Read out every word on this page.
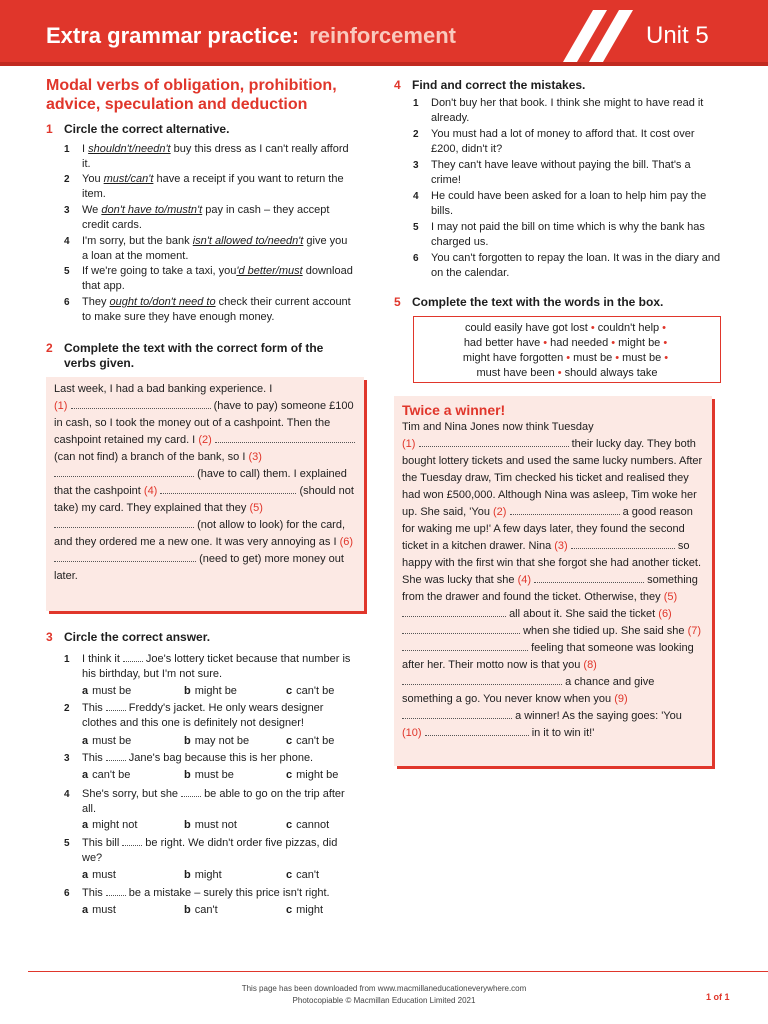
Extra grammar practice: reinforcement	Unit 5
Modal verbs of obligation, prohibition, advice, speculation and deduction
1 Circle the correct alternative.
1 I shouldn't/needn't buy this dress as I can't really afford it.
2 You must/can't have a receipt if you want to return the item.
3 We don't have to/mustn't pay in cash – they accept credit cards.
4 I'm sorry, but the bank isn't allowed to/needn't give you a loan at the moment.
5 If we're going to take a taxi, you'd better/must download that app.
6 They ought to/don't need to check their current account to make sure they have enough money.
2 Complete the text with the correct form of the verbs given.
Last week, I had a bad banking experience. I
(1)	(have to pay) someone £100 in cash, so I took the money out of a cashpoint. Then the cashpoint retained my card. I (2)  (can not find) a branch of the bank, so I (3)  (have to call) them. I explained that the cashpoint (4)	(should not take) my card. They explained that they (5)  (not allow to look) for the card, and they ordered me a new one. It was very annoying as I (6)  (need to get) more money out later.
3 Circle the correct answer.
1 I think it Joe's lottery ticket because that number is his birthday, but I'm not sure.
a must be	b might be	c can't be
2 This Freddy's jacket. He only wears designer clothes and this one is definitely not designer!
a must be	b may not be	c can't be
3 This Jane's bag because this is her phone.
a can't be	b must be	c might be
4 She's sorry, but she be able to go on the trip after all.
a might not	b must not	c cannot
5 This bill be right. We didn't order five pizzas, did we?
a must	b might	c can't
6 This be a mistake – surely this price isn't right.
a must	b can't	c might
4 Find and correct the mistakes.
1 Don't buy her that book. I think she might to have read it already.
2 You must had a lot of money to afford that. It cost over £200, didn't it?
3 They can't have leave without paying the bill. That's a crime!
4 He could have been asked for a loan to help him pay the bills.
5 I may not paid the bill on time which is why the bank has charged us.
6 You can't forgotten to repay the loan. It was in the diary and on the calendar.
5 Complete the text with the words in the box.
could easily have got lost • couldn't help •
had better have • had needed • might be •
might have forgotten • must be • must be •
must have been • should always take
Twice a winner!
Tim and Nina Jones now think Tuesday
(1)	their lucky day. They both bought lottery tickets and used the same lucky numbers. After the Tuesday draw, Tim checked his ticket and realised they had won £500,000. Although Nina was asleep, Tim woke her up. She said, 'You (2)	a good reason for waking me up!' A few days later, they found the second ticket in a kitchen drawer. Nina (3)	so happy with the first win that she forgot she had another ticket. She was lucky that she (4)	something from the drawer and found the ticket. Otherwise, they (5)  all about it. She said the ticket (6)  when she tidied up. She said she (7)  feeling that someone was looking after her. Their motto now is that you (8)  a chance and give something a go. You never know when you (9)  a winner! As the saying goes: 'You (10)	in it to win it!'
This page has been downloaded from www.macmillaneducationeverywhere.com
Photocopiable © Macmillan Education Limited 2021	1 of 1
